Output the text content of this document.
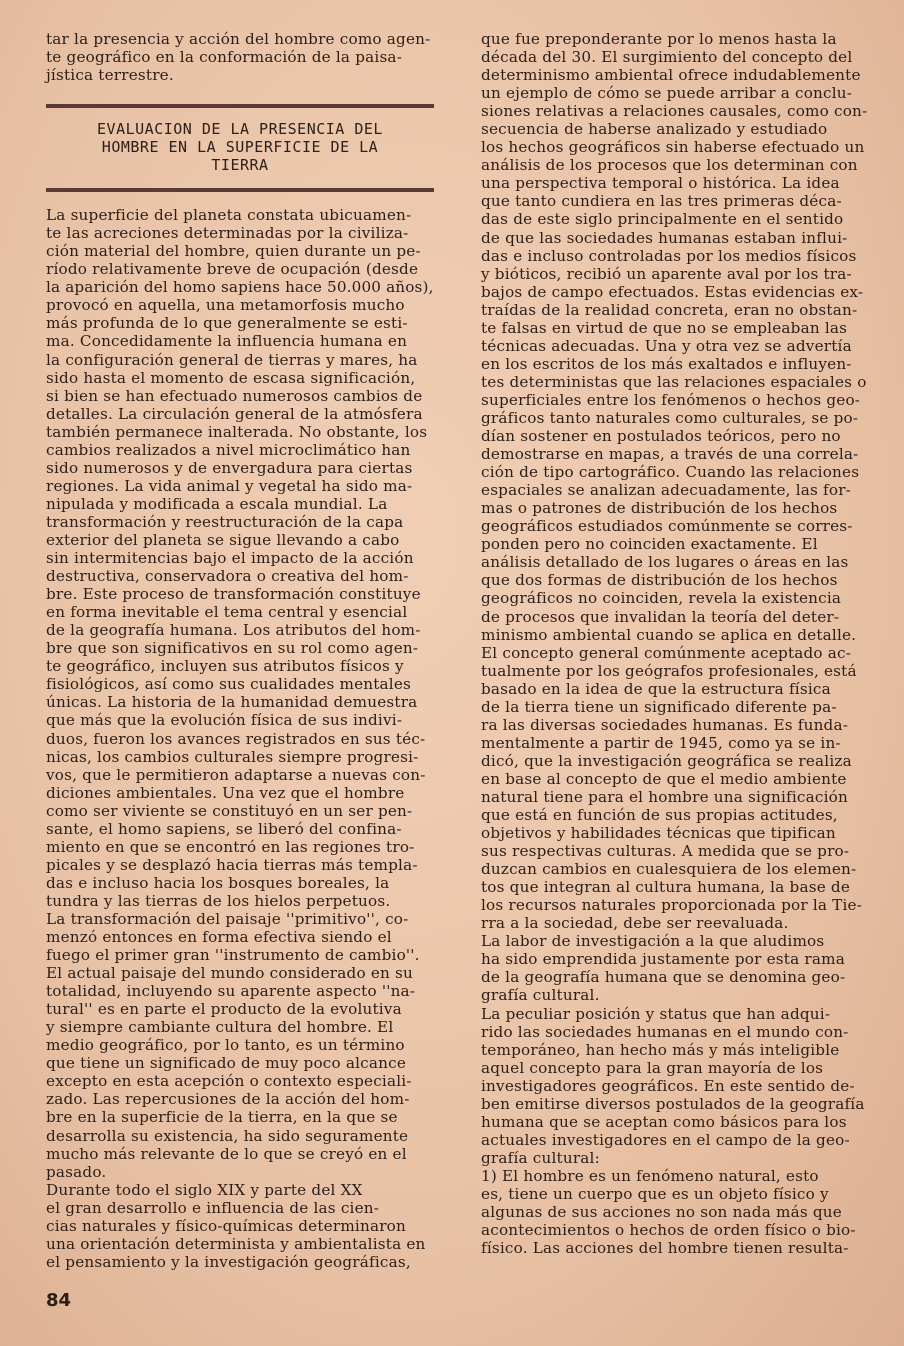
tar la presencia y acción del hombre como agen-
te geográfico en la conformación de la paisa-
jística terrestre.
EVALUACION DE LA PRESENCIA DEL
HOMBRE EN LA SUPERFICIE DE LA
TIERRA
La superficie del planeta constata ubicuamen-
te las acreciones determinadas por la civiliza-
ción material del hombre, quien durante un pe-
ríodo relativamente breve de ocupación (desde
la aparición del homo sapiens hace 50.000 años),
provocó en aquella, una metamorfosis mucho
más profunda de lo que generalmente se esti-
ma. Concedidamente la influencia humana en
la configuración general de tierras y mares, ha
sido hasta el momento de escasa significación,
si bien se han efectuado numerosos cambios de
detalles. La circulación general de la atmósfera
también permanece inalterada. No obstante, los
cambios realizados a nivel microclimático han
sido numerosos y de envergadura para ciertas
regiones. La vida animal y vegetal ha sido ma-
nipulada y modificada a escala mundial. La
transformación y reestructuración de la capa
exterior del planeta se sigue llevando a cabo
sin intermitencias bajo el impacto de la acción
destructiva, conservadora o creativa del hom-
bre. Este proceso de transformación constituye
en forma inevitable el tema central y esencial
de la geografía humana. Los atributos del hom-
bre que son significativos en su rol como agen-
te geográfico, incluyen sus atributos físicos y
fisiológicos, así como sus cualidades mentales
únicas. La historia de la humanidad demuestra
que más que la evolución física de sus indivi-
duos, fueron los avances registrados en sus téc-
nicas, los cambios culturales siempre progresi-
vos, que le permitieron adaptarse a nuevas con-
diciones ambientales. Una vez que el hombre
como ser viviente se constituyó en un ser pen-
sante, el homo sapiens, se liberó del confina-
miento en que se encontró en las regiones tro-
picales y se desplazó hacia tierras más templa-
das e incluso hacia los bosques boreales, la
tundra y las tierras de los hielos perpetuos.
La transformación del paisaje ''primitivo'', co-
menzó entonces en forma efectiva siendo el
fuego el primer gran ''instrumento de cambio''.
El actual paisaje del mundo considerado en su
totalidad, incluyendo su aparente aspecto ''na-
tural'' es en parte el producto de la evolutiva
y siempre cambiante cultura del hombre. El
medio geográfico, por lo tanto, es un término
que tiene un significado de muy poco alcance
excepto en esta acepción o contexto especiali-
zado. Las repercusiones de la acción del hom-
bre en la superficie de la tierra, en la que se
desarrolla su existencia, ha sido seguramente
mucho más relevante de lo que se creyó en el
pasado.
Durante todo el siglo XIX y parte del XX
el gran desarrollo e influencia de las cien-
cias naturales y físico-químicas determinaron
una orientación determinista y ambientalista en
el pensamiento y la investigación geográficas,
que fue preponderante por lo menos hasta la
década del 30. El surgimiento del concepto del
determinismo ambiental ofrece indudablemente
un ejemplo de cómo se puede arribar a conclu-
siones relativas a relaciones causales, como con-
secuencia de haberse analizado y estudiado
los hechos geográficos sin haberse efectuado un
análisis de los procesos que los determinan con
una perspectiva temporal o histórica. La idea
que tanto cundiera en las tres primeras déca-
das de este siglo principalmente en el sentido
de que las sociedades humanas estaban influi-
das e incluso controladas por los medios físicos
y bióticos, recibió un aparente aval por los tra-
bajos de campo efectuados. Estas evidencias ex-
traídas de la realidad concreta, eran no obstan-
te falsas en virtud de que no se empleaban las
técnicas adecuadas. Una y otra vez se advertía
en los escritos de los más exaltados e influyen-
tes deterministas que las relaciones espaciales o
superficiales entre los fenómenos o hechos geo-
gráficos tanto naturales como culturales, se po-
dían sostener en postulados teóricos, pero no
demostrarse en mapas, a través de una correla-
ción de tipo cartográfico. Cuando las relaciones
espaciales se analizan adecuadamente, las for-
mas o patrones de distribución de los hechos
geográficos estudiados comúnmente se corres-
ponden pero no coinciden exactamente. El
análisis detallado de los lugares o áreas en las
que dos formas de distribución de los hechos
geográficos no coinciden, revela la existencia
de procesos que invalidan la teoría del deter-
minismo ambiental cuando se aplica en detalle.
El concepto general comúnmente aceptado ac-
tualmente por los geógrafos profesionales, está
basado en la idea de que la estructura física
de la tierra tiene un significado diferente pa-
ra las diversas sociedades humanas. Es funda-
mentalmente a partir de 1945, como ya se in-
dicó, que la investigación geográfica se realiza
en base al concepto de que el medio ambiente
natural tiene para el hombre una significación
que está en función de sus propias actitudes,
objetivos y habilidades técnicas que tipifican
sus respectivas culturas. A medida que se pro-
duzcan cambios en cualesquiera de los elemen-
tos que integran al cultura humana, la base de
los recursos naturales proporcionada por la Tie-
rra a la sociedad, debe ser reevaluada.
La labor de investigación a la que aludimos
ha sido emprendida justamente por esta rama
de la geografía humana que se denomina geo-
grafía cultural.
La peculiar posición y status que han adqui-
rido las sociedades humanas en el mundo con-
temporáneo, han hecho más y más inteligible
aquel concepto para la gran mayoría de los
investigadores geográficos. En este sentido de-
ben emitirse diversos postulados de la geografía
humana que se aceptan como básicos para los
actuales investigadores en el campo de la geo-
grafía cultural:
1) El hombre es un fenómeno natural, esto
es, tiene un cuerpo que es un objeto físico y
algunas de sus acciones no son nada más que
acontecimientos o hechos de orden físico o bio-
físico. Las acciones del hombre tienen resulta-
84
